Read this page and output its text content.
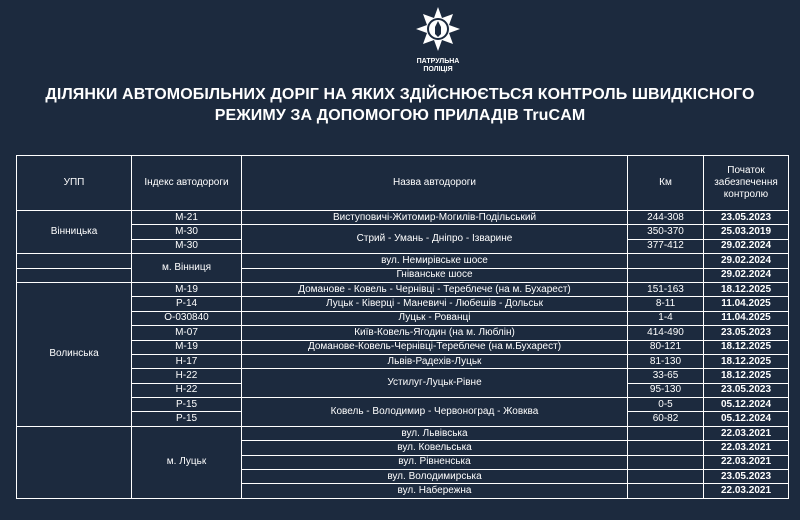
ПАТРУЛЬНА
ПОЛІЦІЯ
ДІЛЯНКИ АВТОМОБІЛЬНИХ ДОРІГ НА ЯКИХ ЗДІЙСНЮЄТЬСЯ КОНТРОЛЬ ШВИДКІСНОГО
РЕЖИМУ ЗА ДОПОМОГОЮ ПРИЛАДІВ TruCAM
УПП	Індекс автодороги	Назва автодороги	Км	Початок забезпечення контролю
Вінницька	М-21	Виступовичі-Житомир-Могилів-Подільський	244-308	23.05.2023
	М-30	Стрий - Умань - Дніпро - Ізварине	350-370	25.03.2019
	М-30		377-412	29.02.2024
	м. Вінниця	вул. Немирівське шосе		29.02.2024
		Гніванське шосе		29.02.2024
Волинська	М-19	Доманове - Ковель - Чернівці - Тереблече (на м. Бухарест)	151-163	18.12.2025
	Р-14	Луцьк - Ківерці - Маневичі - Любешів - Дольськ	8-11	11.04.2025
	О-030840	Луцьк - Рованці	1-4	11.04.2025
	М-07	Київ-Ковель-Ягодин (на м. Люблін)	414-490	23.05.2023
	М-19	Доманове-Ковель-Чернівці-Тереблече (на м.Бухарест)	80-121	18.12.2025
	Н-17	Львів-Радехів-Луцьк	81-130	18.12.2025
	Н-22	Устилуг-Луцьк-Рівне	33-65	18.12.2025
	Н-22		95-130	23.05.2023
	Р-15	Ковель - Володимир - Червоноград - Жовква	0-5	05.12.2024
	Р-15		60-82	05.12.2024
	м. Луцьк	вул. Львівська		22.03.2021
		вул. Ковельська		22.03.2021
		вул. Рівненська		22.03.2021
		вул. Володимирська		23.05.2023
		вул. Набережна		22.03.2021
